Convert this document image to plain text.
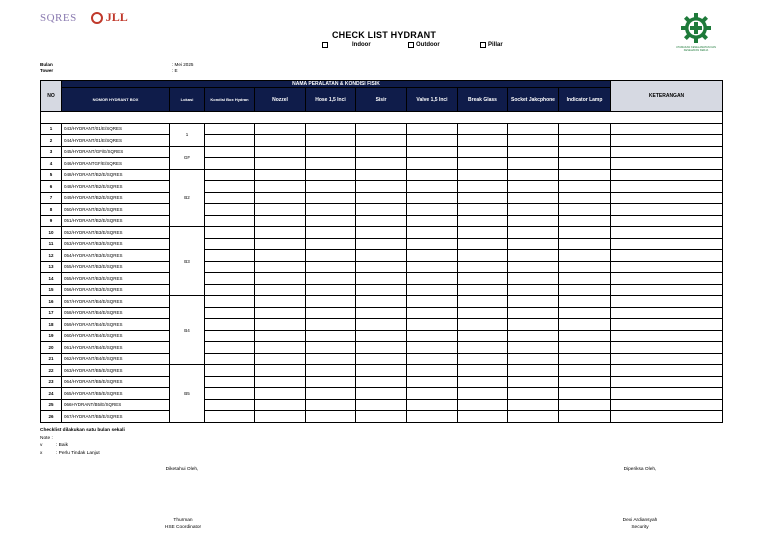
SQRES JLL
UTAMAKAN KESELAMATAN DAN KESEHATAN KERJA
CHECK LIST HYDRANT
Indoor	Outdoor	Pillar
Bulan	: Mei 2025
Tower	: E
NO	NAMA PERALATAN & KONDISI FISIK										KETERANGAN
	NOMOR HYDRANT BOX	Lokasi	Kondisi Box Hydran	Nozzel	Hose 1,5 Inci	Sisir	Valve 1,5 Inci	Break Glass	Socket Jakcphone	Indicator Lamp	

1	043/HYDRANT/01/E/SQRES	1									
2	044/HYDRANT/01/E/SQRES										
3	045/HYDRANT/GF/E/SQRES	GF									
4	046/HYDRANTGF/E/SQRES										
5	048/HYDRANT/B2/E/SQRES	B2									
6	048/HYDRANT/B2/E/SQRES										
7	049/HYDRANT/B2/E/SQRES										
8	050/HYDRANT/B2/E/SQRES										
9	051/HYDRANT/B2/E/SQRES										
10	052/HYDRANT/B3/E/SQRES	B3									
11	053/HYDRANT/B3/E/SQRES										
12	054/HYDRANT/B3/E/SQRES										
13	055/HYDRANT/B3/E/SQRES										
14	055/HYDRANT/B3/E/SQRES										
15	056/HYDRANT/B3/E/SQRES										
16	057/HYDRANT/B4/E/SQRES	B4									
17	058/HYDRANT/B4/E/SQRES										
18	059/HYDRANT/B4/E/SQRES										
19	060/HYDRANT/B4/E/SQRES										
20	061/HYDRANT/B4/E/SQRES										
21	062/HYDRANT/B4/E/SQRES										
22	063/HYDRANT/B5/E/SQRES	B5									
23	064/HYDRANT/B5/E/SQRES										
24	065/HYDRANT/B5/E/SQRES										
25	066HYDRANT/B5/E/SQRES										
26	067/HYDRANT/B5/E/SQRES										
Checklist dilakukan satu bulan sekali
Note :
v	: Baik
x	: Perlu Tindak Lanjut
Diketahui Oleh,
Thurman
HSE Coordinator
Diperiksa Oleh,
Dexi Ardiansyah
Security
